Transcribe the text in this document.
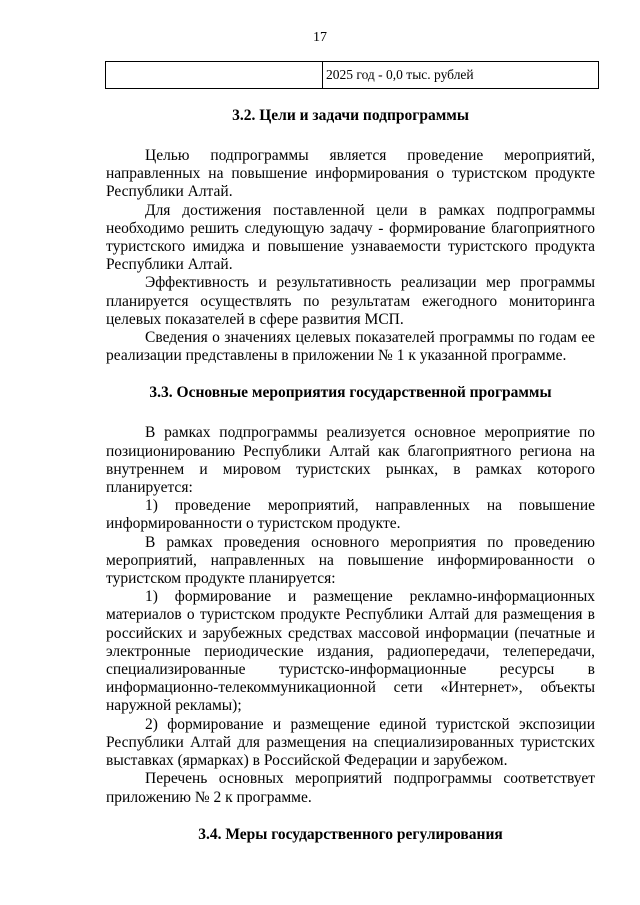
17
	2025 год - 0,0 тыс. рублей
3.2. Цели и задачи подпрограммы

Целью подпрограммы является проведение мероприятий, направленных на повышение информирования о туристском продукте Республики Алтай.

Для достижения поставленной цели в рамках подпрограммы необходимо решить следующую задачу - формирование благоприятного туристского имиджа и повышение узнаваемости туристского продукта Республики Алтай.

Эффективность и результативность реализации мер программы планируется осуществлять по результатам ежегодного мониторинга целевых показателей в сфере развития МСП.

Сведения о значениях целевых показателей программы по годам ее реализации представлены в приложении № 1 к указанной программе.

3.3. Основные мероприятия государственной программы

В рамках подпрограммы реализуется основное мероприятие по позиционированию Республики Алтай как благоприятного региона на внутреннем и мировом туристских рынках, в рамках которого планируется:

1) проведение мероприятий, направленных на повышение информированности о туристском продукте.

В рамках проведения основного мероприятия по проведению мероприятий, направленных на повышение информированности о туристском продукте планируется:

1) формирование и размещение рекламно-информационных материалов о туристском продукте Республики Алтай для размещения в российских и зарубежных средствах массовой информации (печатные и электронные периодические издания, радиопередачи, телепередачи, специализированные туристско-информационные ресурсы в информационно-телекоммуникационной сети «Интернет», объекты наружной рекламы);

2) формирование и размещение единой туристской экспозиции Республики Алтай для размещения на специализированных туристских выставках (ярмарках) в Российской Федерации и зарубежом.

Перечень основных мероприятий подпрограммы соответствует приложению № 2 к программе.

3.4. Меры государственного регулирования
